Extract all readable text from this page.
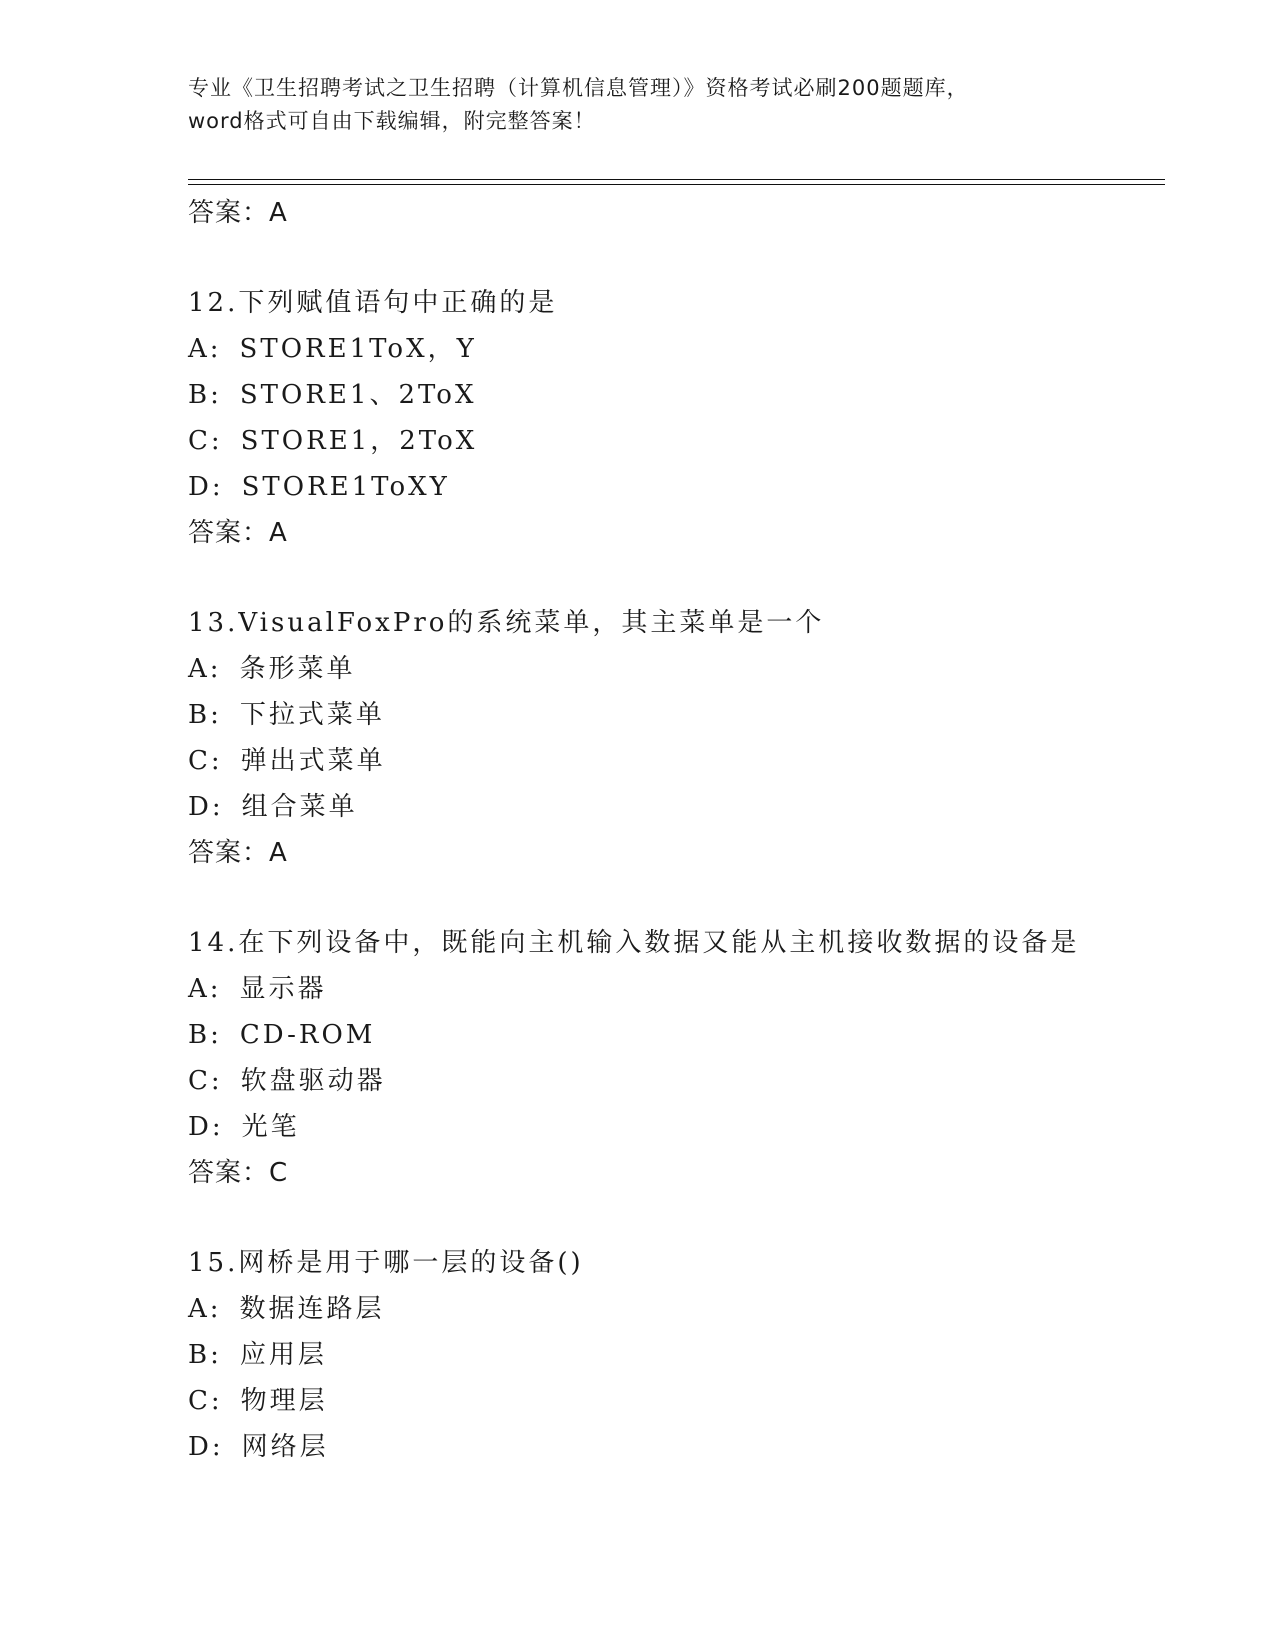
专业《卫生招聘考试之卫生招聘（计算机信息管理）》资格考试必刷200题题库，
word格式可自由下载编辑，附完整答案！
答案：A
12.下列赋值语句中正确的是
A: STORE1ToX，Y
B: STORE1、2ToX
C: STORE1，2ToX
D: STORE1ToXY
答案：A
13.VisualFoxPro的系统菜单，其主菜单是一个
A: 条形菜单
B: 下拉式菜单
C: 弹出式菜单
D: 组合菜单
答案：A
14.在下列设备中，既能向主机输入数据又能从主机接收数据的设备是
A: 显示器
B: CD-ROM
C: 软盘驱动器
D: 光笔
答案：C
15.网桥是用于哪一层的设备()
A: 数据连路层
B: 应用层
C: 物理层
D: 网络层
